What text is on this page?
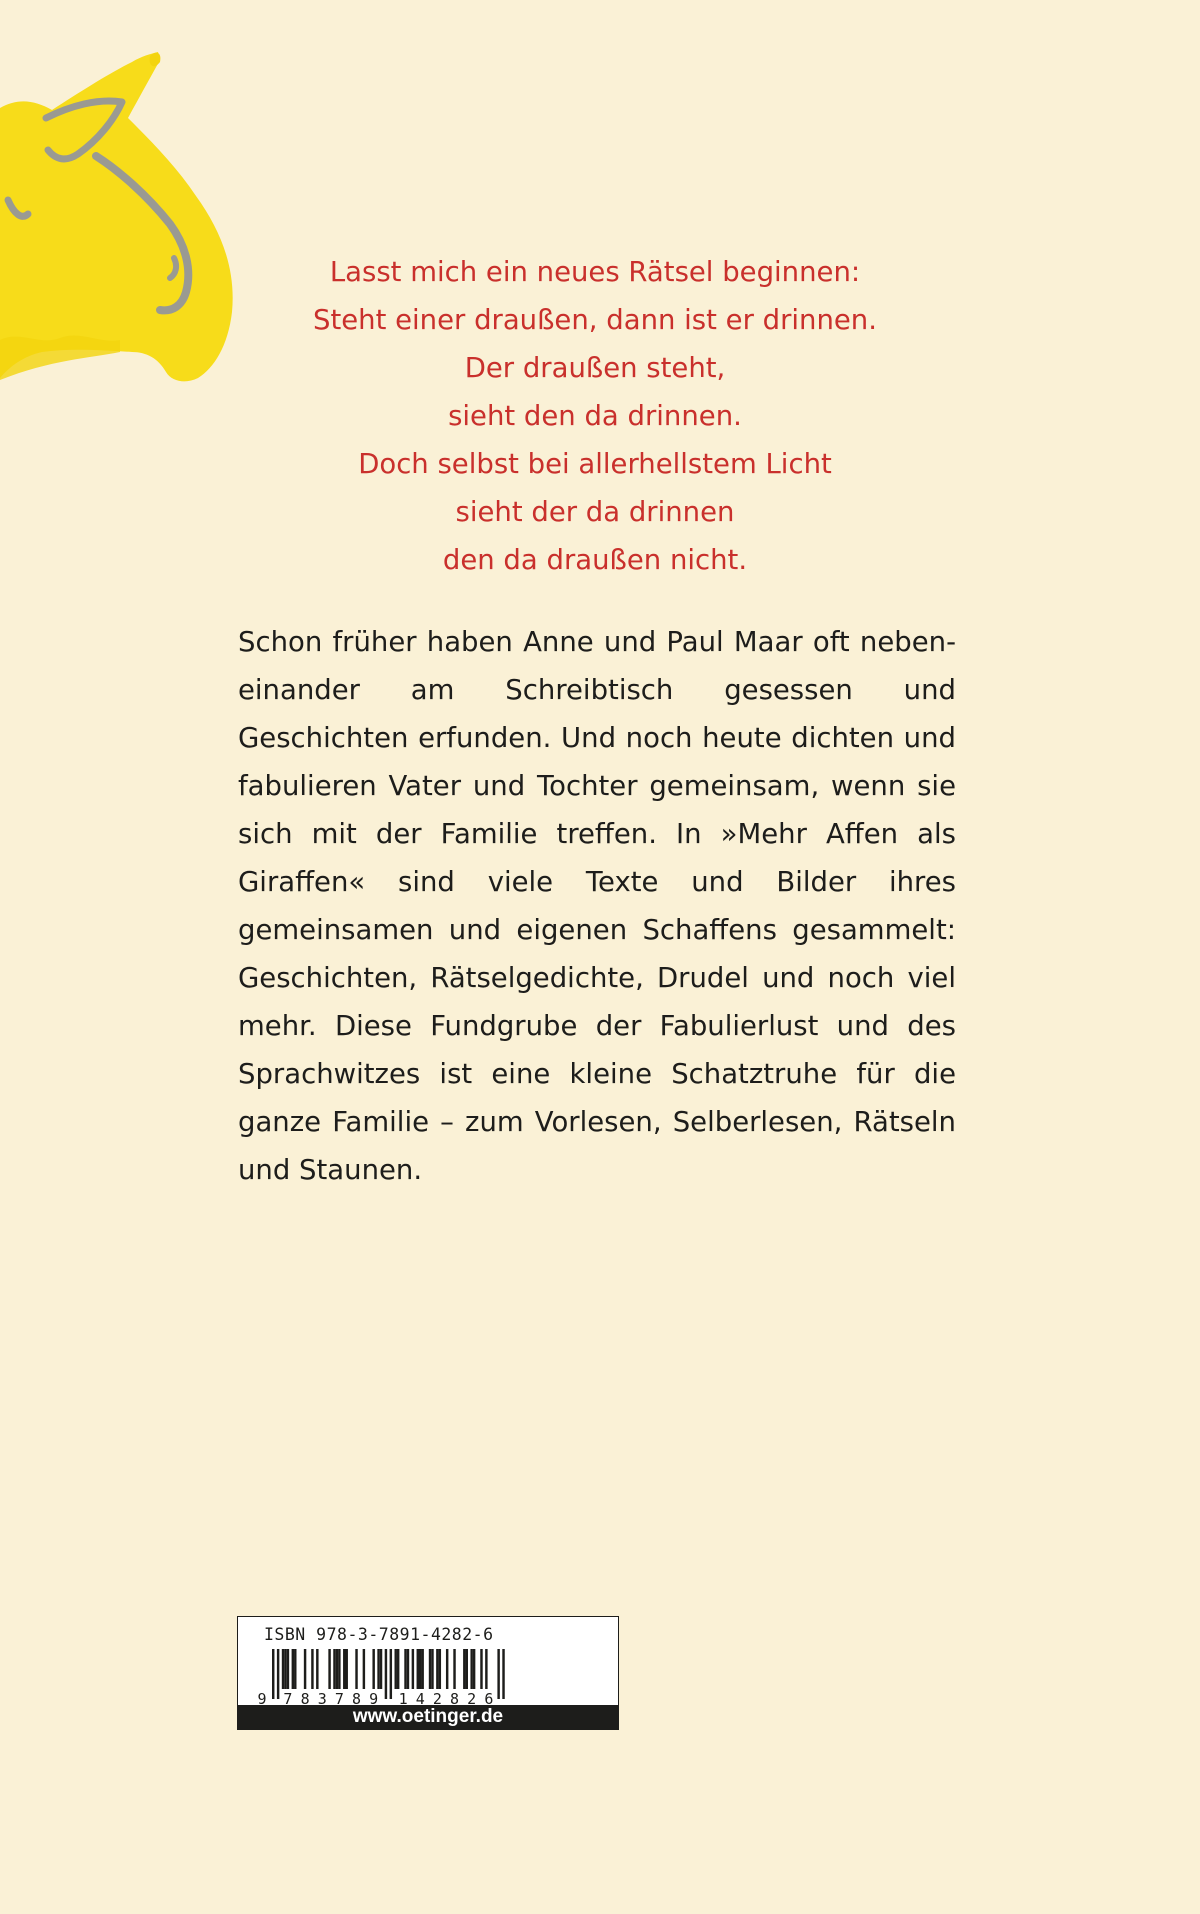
Lasst mich ein neues Rätsel beginnen:
Steht einer draußen, dann ist er drinnen.
Der draußen steht,
sieht den da drinnen.
Doch selbst bei allerhellstem Licht
sieht der da drinnen
den da draußen nicht.

Schon früher haben Anne und Paul Maar oft nebeneinander am Schreibtisch gesessen und Geschichten erfunden. Und noch heute dichten und fabulieren Vater und Tochter gemeinsam, wenn sie sich mit der Familie treffen. In »Mehr Affen als Giraffen« sind viele Texte und Bilder ihres gemeinsamen und eigenen Schaffens gesammelt: Geschichten, Rätselgedichte, Drudel und noch viel mehr. Diese Fundgrube der Fabulierlust und des Sprachwitzes ist eine kleine Schatztruhe für die ganze Familie – zum Vorlesen, Selberlesen, Rätseln und Staunen.

ISBN 978-3-7891-4282-6
9 7 8 3 7 8 9 1 4 2 8 2 6
www.oetinger.de
